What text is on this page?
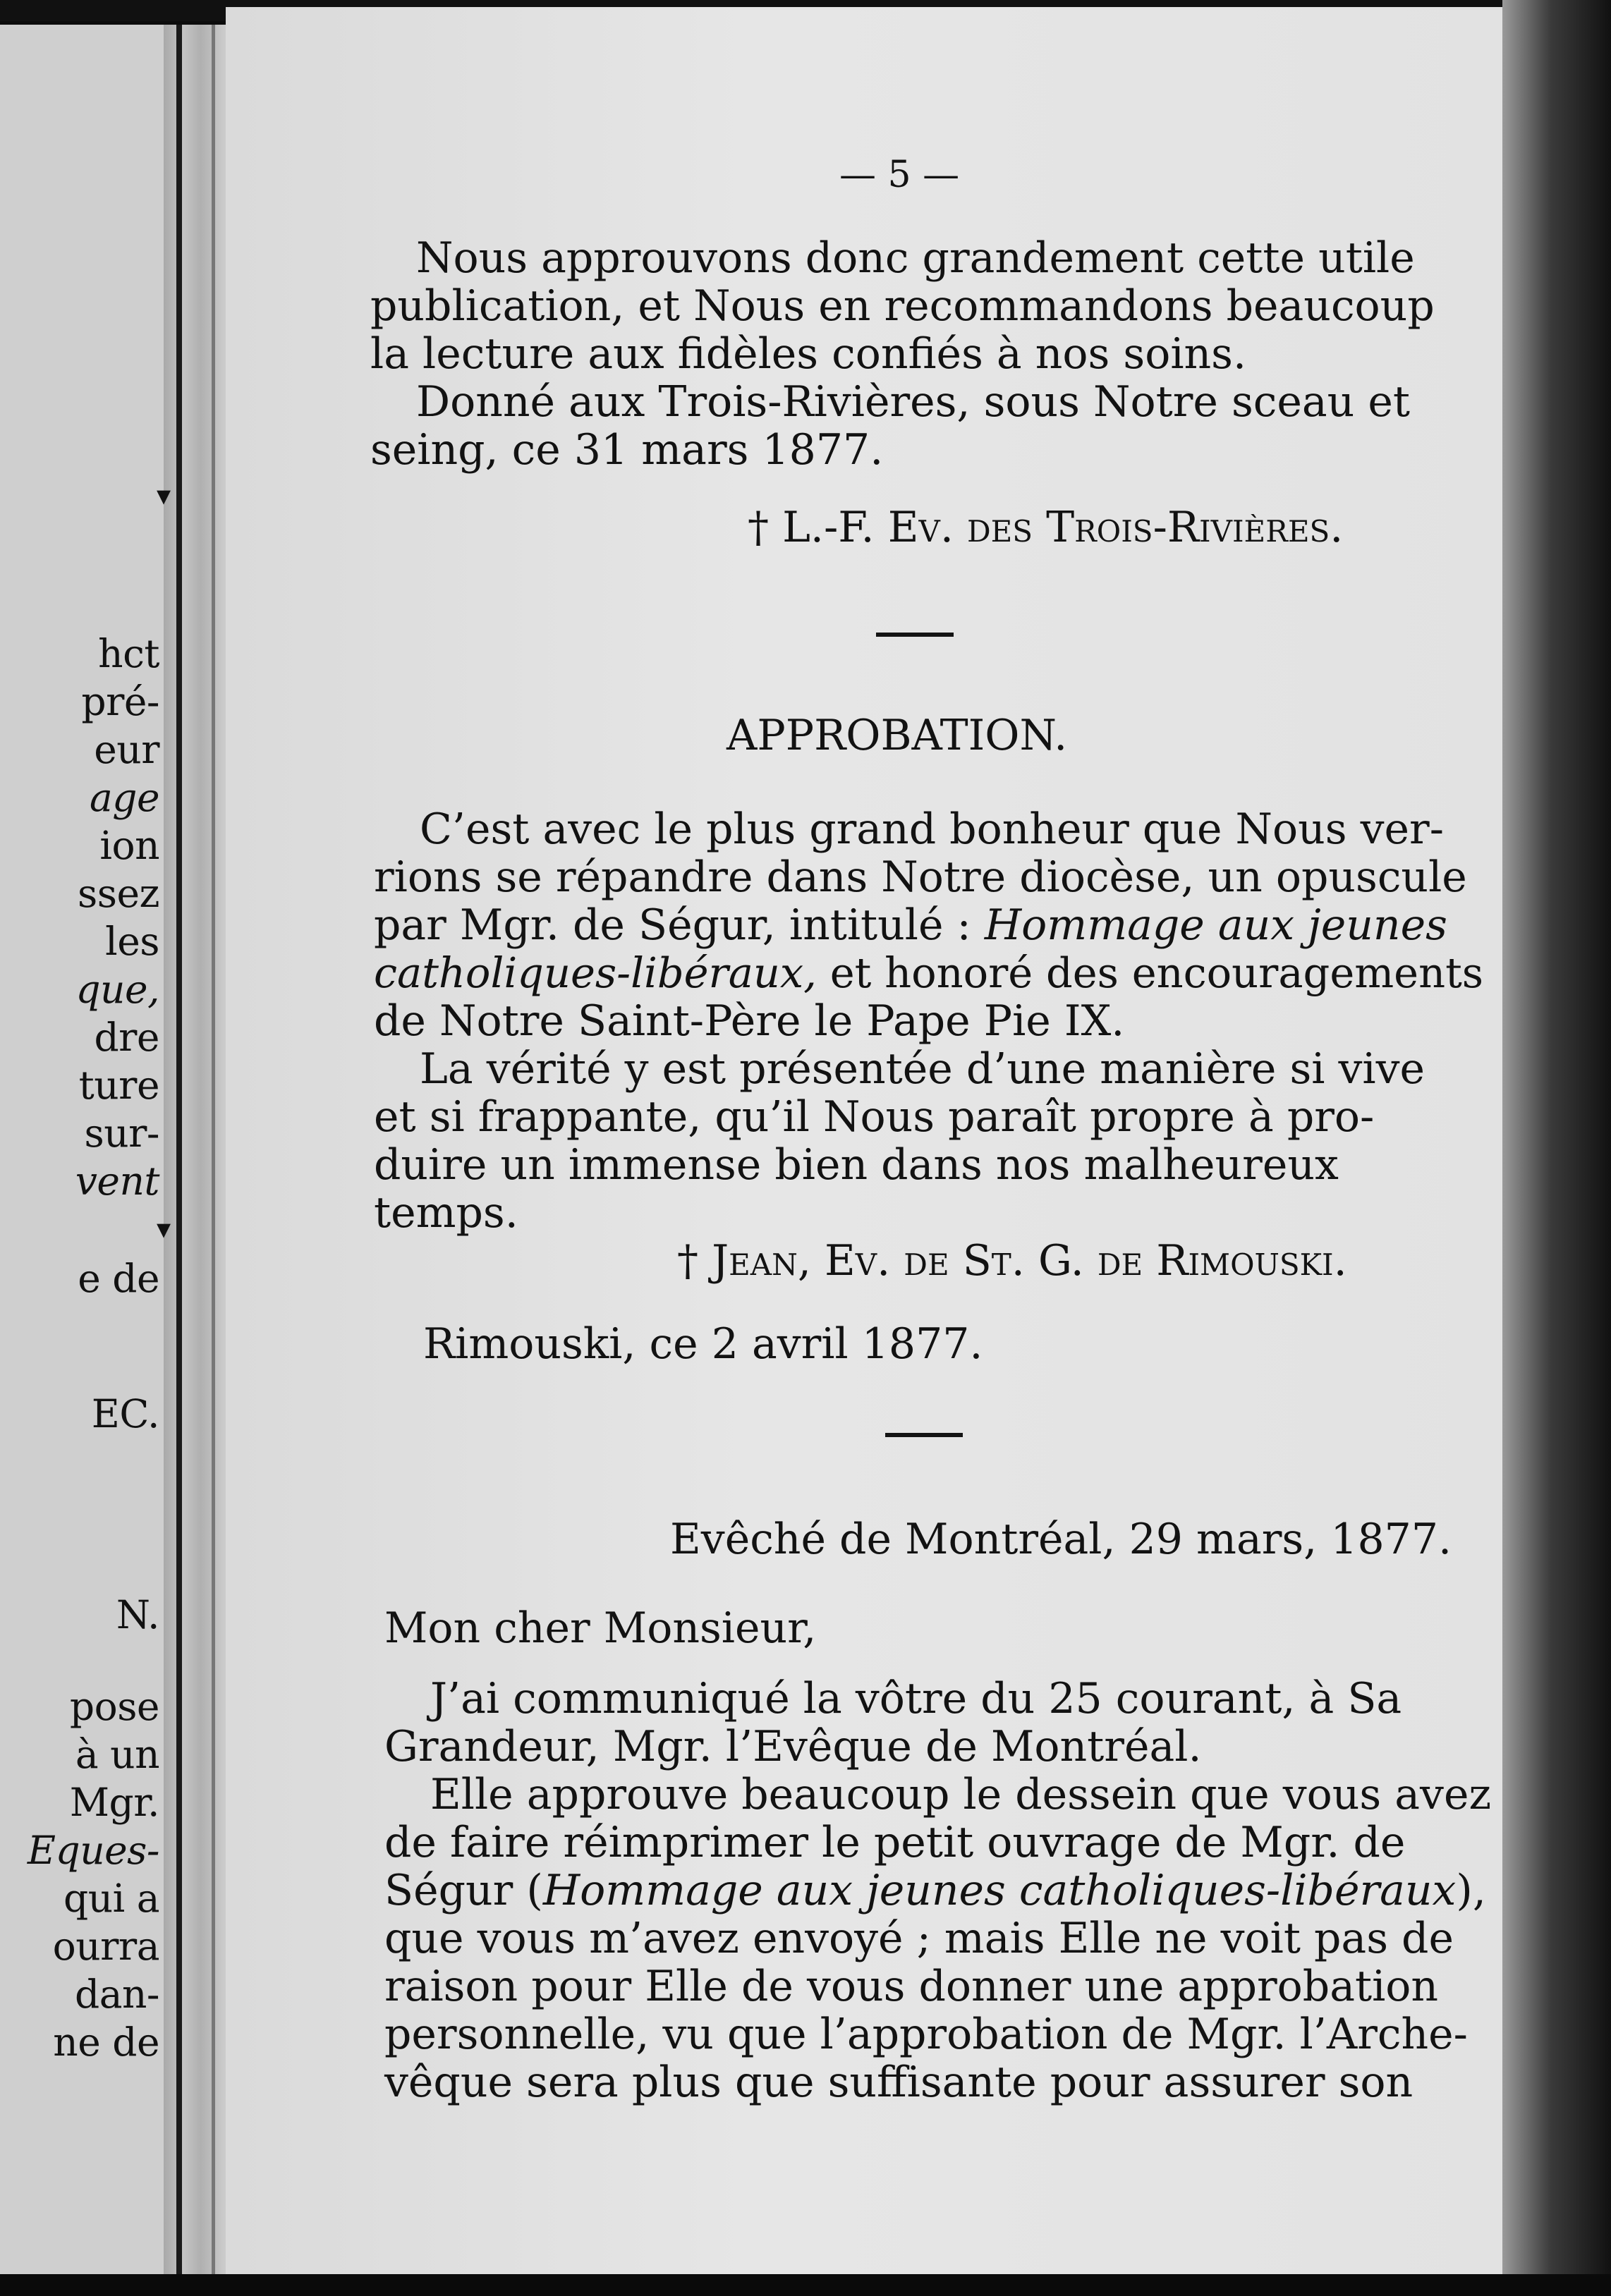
hct
pré-
eur
age
ion
ssez
les
que,
dre
ture
sur-
vent
e de
EC.
N.
pose
à un
Mgr.
Eques-
qui a
ourra
dan-
ne de
▾
▾
— 5 —
Nous approuvons donc grandement cette utile
publication, et Nous en recommandons beaucoup
la lecture aux fidèles confiés à nos soins.
Donné aux Trois-Rivières, sous Notre sceau et
seing, ce 31 mars 1877.
† L.-F. Ev. des Trois-Rivières.
APPROBATION.
C’est avec le plus grand bonheur que Nous ver-
rions se répandre dans Notre diocèse, un opuscule
par Mgr. de Ségur, intitulé : Hommage aux jeunes
catholiques-libéraux, et honoré des encouragements
de Notre Saint-Père le Pape Pie IX.
La vérité y est présentée d’une manière si vive
et si frappante, qu’il Nous paraît propre à pro-
duire un immense bien dans nos malheureux
temps.
† Jean, Ev. de St. G. de Rimouski.
Rimouski, ce 2 avril 1877.
Evêché de Montréal, 29 mars, 1877.
Mon cher Monsieur,
J’ai communiqué la vôtre du 25 courant, à Sa
Grandeur, Mgr. l’Evêque de Montréal.
Elle approuve beaucoup le dessein que vous avez
de faire réimprimer le petit ouvrage de Mgr. de
Ségur (Hommage aux jeunes catholiques-libéraux),
que vous m’avez envoyé ; mais Elle ne voit pas de
raison pour Elle de vous donner une approbation
personnelle, vu que l’approbation de Mgr. l’Arche-
vêque sera plus que suffisante pour assurer son
